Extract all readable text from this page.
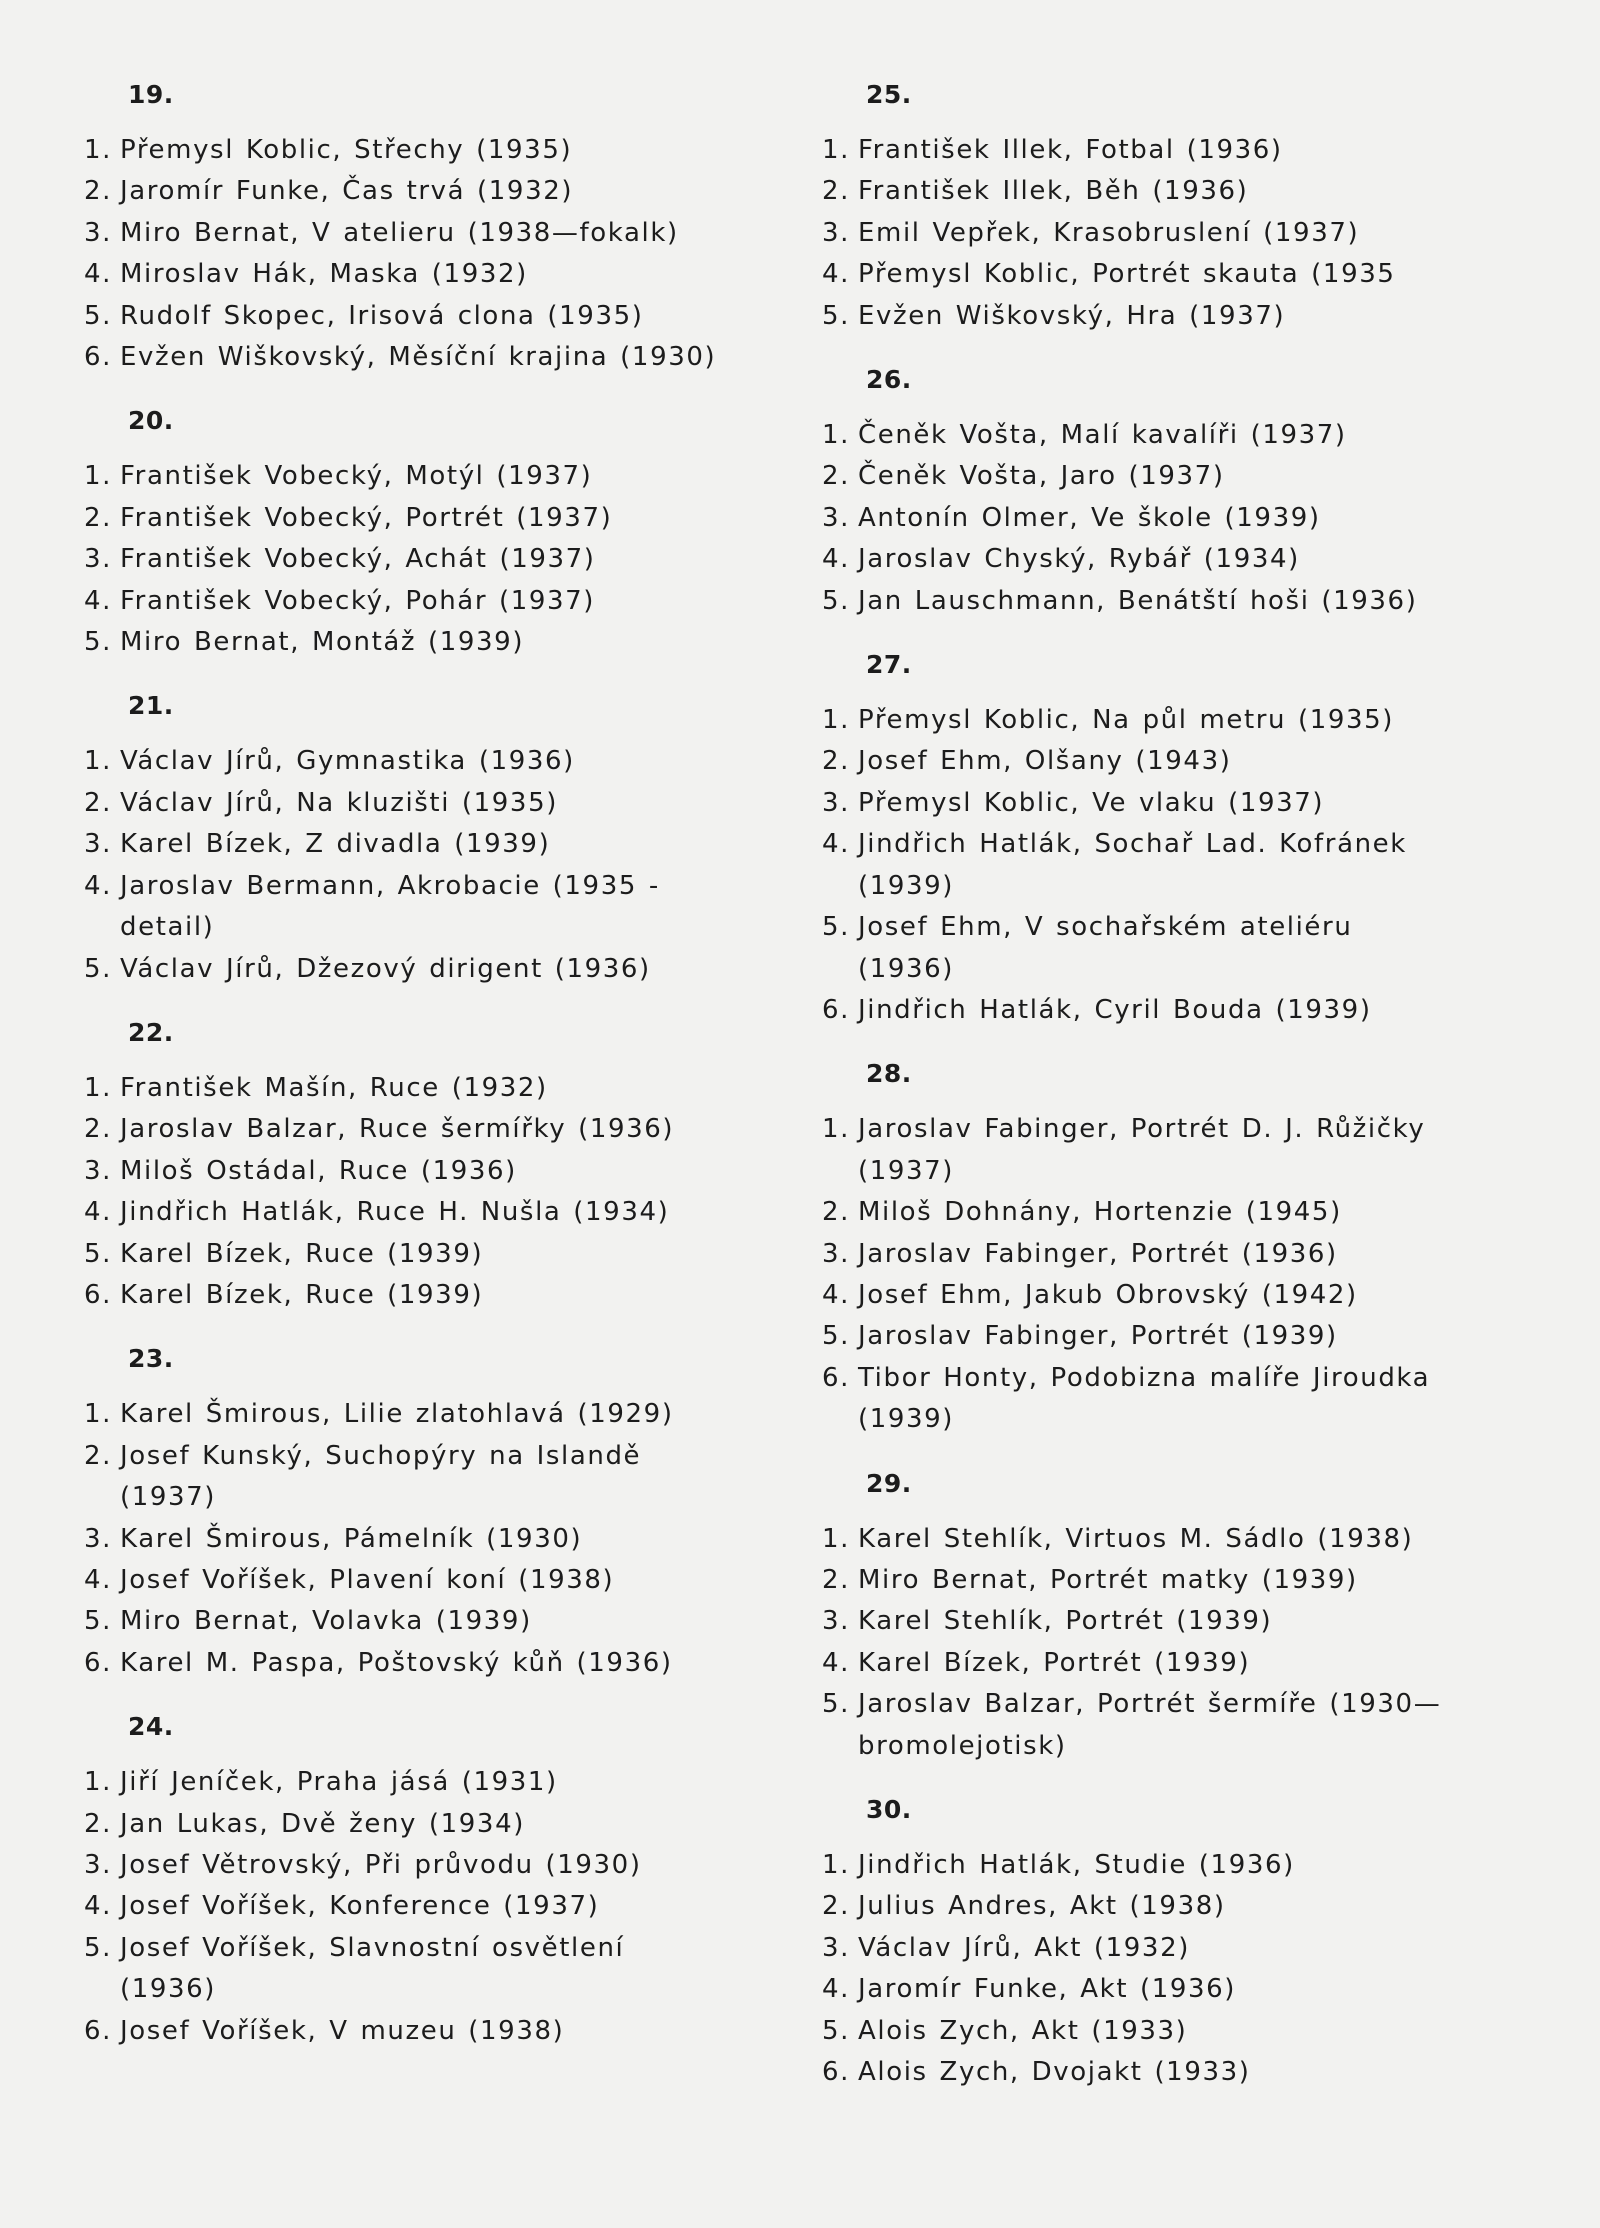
19.
1. Přemysl Koblic, Střechy (1935)
2. Jaromír Funke, Čas trvá (1932)
3. Miro Bernat, V atelieru (1938—fokalk)
4. Miroslav Hák, Maska (1932)
5. Rudolf Skopec, Irisová clona (1935)
6. Evžen Wiškovský, Měsíční krajina (1930)
20.
1. František Vobecký, Motýl (1937)
2. František Vobecký, Portrét (1937)
3. František Vobecký, Achát (1937)
4. František Vobecký, Pohár (1937)
5. Miro Bernat, Montáž (1939)
21.
1. Václav Jírů, Gymnastika (1936)
2. Václav Jírů, Na kluzišti (1935)
3. Karel Bízek, Z divadla (1939)
4. Jaroslav Bermann, Akrobacie (1935 - detail)
5. Václav Jírů, Džezový dirigent (1936)
22.
1. František Mašín, Ruce (1932)
2. Jaroslav Balzar, Ruce šermířky (1936)
3. Miloš Ostádal, Ruce (1936)
4. Jindřich Hatlák, Ruce H. Nušla (1934)
5. Karel Bízek, Ruce (1939)
6. Karel Bízek, Ruce (1939)
23.
1. Karel Šmirous, Lilie zlatohlavá (1929)
2. Josef Kunský, Suchopýry na Islandě (1937)
3. Karel Šmirous, Pámelník (1930)
4. Josef Voříšek, Plavení koní (1938)
5. Miro Bernat, Volavka (1939)
6. Karel M. Paspa, Poštovský kůň (1936)
24.
1. Jiří Jeníček, Praha jásá (1931)
2. Jan Lukas, Dvě ženy (1934)
3. Josef Větrovský, Při průvodu (1930)
4. Josef Voříšek, Konference (1937)
5. Josef Voříšek, Slavnostní osvětlení (1936)
6. Josef Voříšek, V muzeu (1938)
25.
1. František Illek, Fotbal (1936)
2. František Illek, Běh (1936)
3. Emil Vepřek, Krasobruslení (1937)
4. Přemysl Koblic, Portrét skauta (1935
5. Evžen Wiškovský, Hra (1937)
26.
1. Čeněk Vošta, Malí kavalíři (1937)
2. Čeněk Vošta, Jaro (1937)
3. Antonín Olmer, Ve škole (1939)
4. Jaroslav Chyský, Rybář (1934)
5. Jan Lauschmann, Benátští hoši (1936)
27.
1. Přemysl Koblic, Na půl metru (1935)
2. Josef Ehm, Olšany (1943)
3. Přemysl Koblic, Ve vlaku (1937)
4. Jindřich Hatlák, Sochař Lad. Kofránek (1939)
5. Josef Ehm, V sochařském ateliéru (1936)
6. Jindřich Hatlák, Cyril Bouda (1939)
28.
1. Jaroslav Fabinger, Portrét D. J. Růžičky (1937)
2. Miloš Dohnány, Hortenzie (1945)
3. Jaroslav Fabinger, Portrét (1936)
4. Josef Ehm, Jakub Obrovský (1942)
5. Jaroslav Fabinger, Portrét (1939)
6. Tibor Honty, Podobizna malíře Jiroudka (1939)
29.
1. Karel Stehlík, Virtuos M. Sádlo (1938)
2. Miro Bernat, Portrét matky (1939)
3. Karel Stehlík, Portrét (1939)
4. Karel Bízek, Portrét (1939)
5. Jaroslav Balzar, Portrét šermíře (1930—bromolejotisk)
30.
1. Jindřich Hatlák, Studie (1936)
2. Julius Andres, Akt (1938)
3. Václav Jírů, Akt (1932)
4. Jaromír Funke, Akt (1936)
5. Alois Zych, Akt (1933)
6. Alois Zych, Dvojakt (1933)
